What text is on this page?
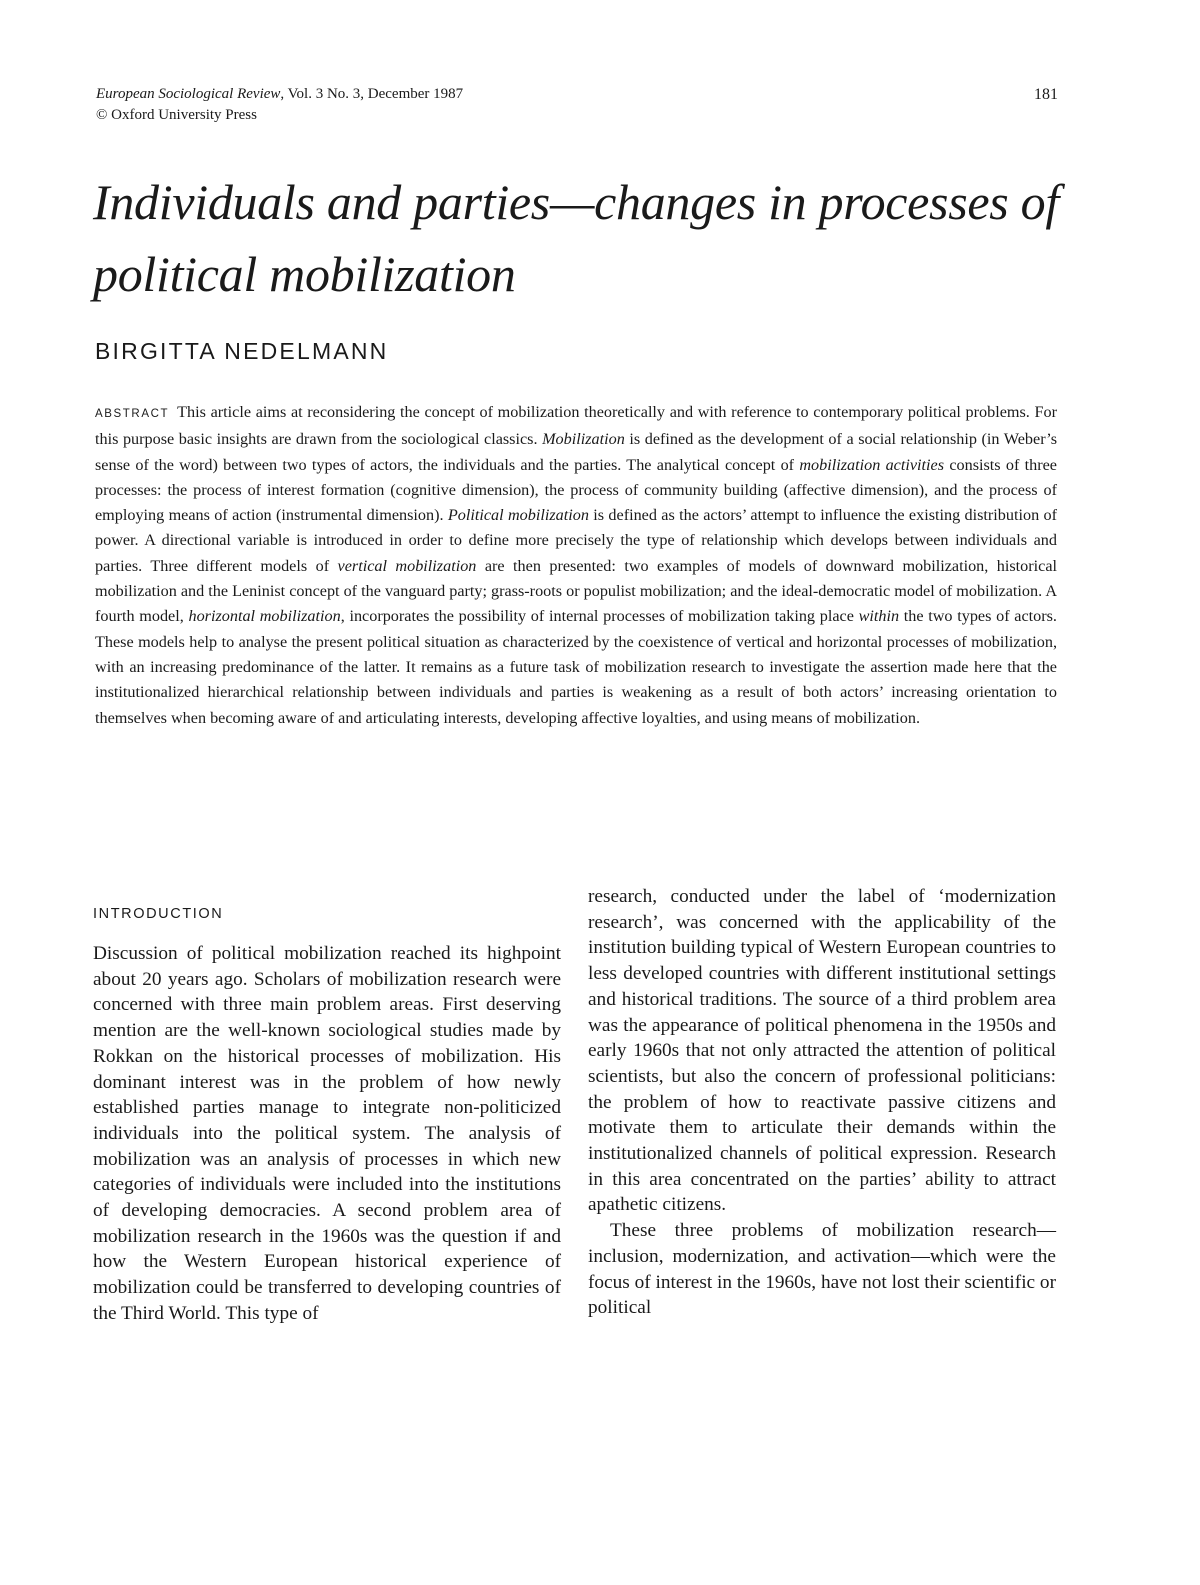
European Sociological Review, Vol. 3 No. 3, December 1987
© Oxford University Press
181
Individuals and parties—changes in processes of political mobilization
BIRGITTA NEDELMANN

ABSTRACT This article aims at reconsidering the concept of mobilization theoretically and with reference to contemporary political problems. For this purpose basic insights are drawn from the sociological classics. Mobilization is defined as the development of a social relationship (in Weber’s sense of the word) between two types of actors, the individuals and the parties. The analytical concept of mobilization activities consists of three processes: the process of interest formation (cognitive dimension), the process of community building (affective dimension), and the process of employing means of action (instrumental dimension). Political mobilization is defined as the actors’ attempt to influence the existing distribution of power. A directional variable is introduced in order to define more precisely the type of relationship which develops between individuals and parties. Three different models of vertical mobilization are then presented: two examples of models of downward mobilization, historical mobilization and the Leninist concept of the vanguard party; grass-roots or populist mobilization; and the ideal-democratic model of mobilization. A fourth model, horizontal mobilization, incorporates the possibility of internal processes of mobilization taking place within the two types of actors. These models help to analyse the present political situation as characterized by the coexistence of vertical and horizontal processes of mobilization, with an increasing predominance of the latter. It remains as a future task of mobilization research to investigate the assertion made here that the institutionalized hierarchical relationship between individuals and parties is weakening as a result of both actors’ increasing orientation to themselves when becoming aware of and articulating interests, developing affective loyalties, and using means of mobilization.

INTRODUCTION

Discussion of political mobilization reached its highpoint about 20 years ago. Scholars of mobilization research were concerned with three main problem areas. First deserving mention are the well-known sociological studies made by Rokkan on the historical processes of mobilization. His dominant interest was in the problem of how newly established parties manage to integrate non-politicized individuals into the political system. The analysis of mobilization was an analysis of processes in which new categories of individuals were included into the institutions of developing democracies. A second problem area of mobilization research in the 1960s was the question if and how the Western European historical experience of mobilization could be transferred to developing countries of the Third World. This type of

research, conducted under the label of ‘modernization research’, was concerned with the applicability of the institution building typical of Western European countries to less developed countries with different institutional settings and historical traditions. The source of a third problem area was the appearance of political phenomena in the 1950s and early 1960s that not only attracted the attention of political scientists, but also the concern of professional politicians: the problem of how to reactivate passive citizens and motivate them to articulate their demands within the institutionalized channels of political expression. Research in this area concentrated on the parties’ ability to attract apathetic citizens.

These three problems of mobilization research—inclusion, modernization, and activation—which were the focus of interest in the 1960s, have not lost their scientific or political
